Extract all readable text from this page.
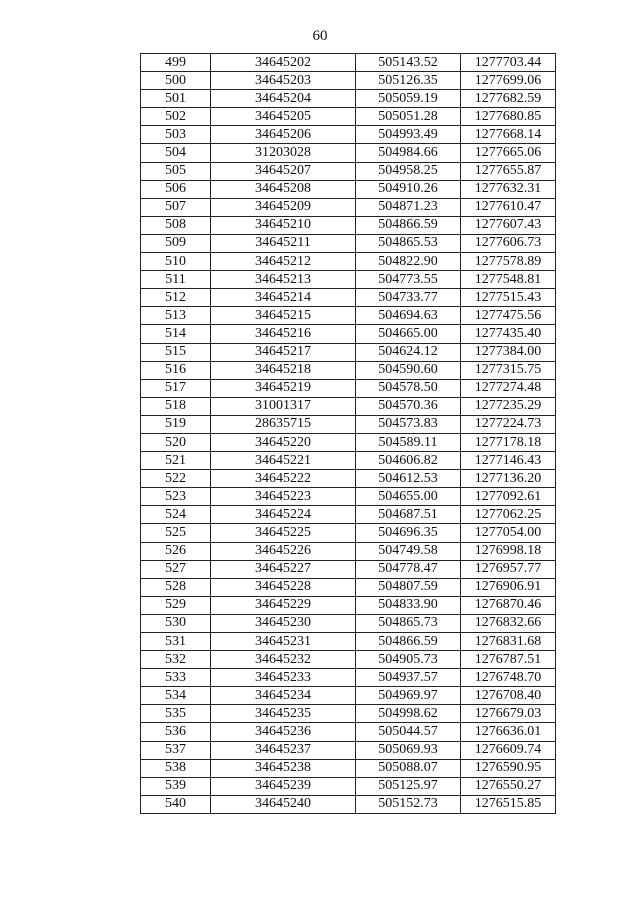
60
499	34645202	505143.52	1277703.44
500	34645203	505126.35	1277699.06
501	34645204	505059.19	1277682.59
502	34645205	505051.28	1277680.85
503	34645206	504993.49	1277668.14
504	31203028	504984.66	1277665.06
505	34645207	504958.25	1277655.87
506	34645208	504910.26	1277632.31
507	34645209	504871.23	1277610.47
508	34645210	504866.59	1277607.43
509	34645211	504865.53	1277606.73
510	34645212	504822.90	1277578.89
511	34645213	504773.55	1277548.81
512	34645214	504733.77	1277515.43
513	34645215	504694.63	1277475.56
514	34645216	504665.00	1277435.40
515	34645217	504624.12	1277384.00
516	34645218	504590.60	1277315.75
517	34645219	504578.50	1277274.48
518	31001317	504570.36	1277235.29
519	28635715	504573.83	1277224.73
520	34645220	504589.11	1277178.18
521	34645221	504606.82	1277146.43
522	34645222	504612.53	1277136.20
523	34645223	504655.00	1277092.61
524	34645224	504687.51	1277062.25
525	34645225	504696.35	1277054.00
526	34645226	504749.58	1276998.18
527	34645227	504778.47	1276957.77
528	34645228	504807.59	1276906.91
529	34645229	504833.90	1276870.46
530	34645230	504865.73	1276832.66
531	34645231	504866.59	1276831.68
532	34645232	504905.73	1276787.51
533	34645233	504937.57	1276748.70
534	34645234	504969.97	1276708.40
535	34645235	504998.62	1276679.03
536	34645236	505044.57	1276636.01
537	34645237	505069.93	1276609.74
538	34645238	505088.07	1276590.95
539	34645239	505125.97	1276550.27
540	34645240	505152.73	1276515.85
